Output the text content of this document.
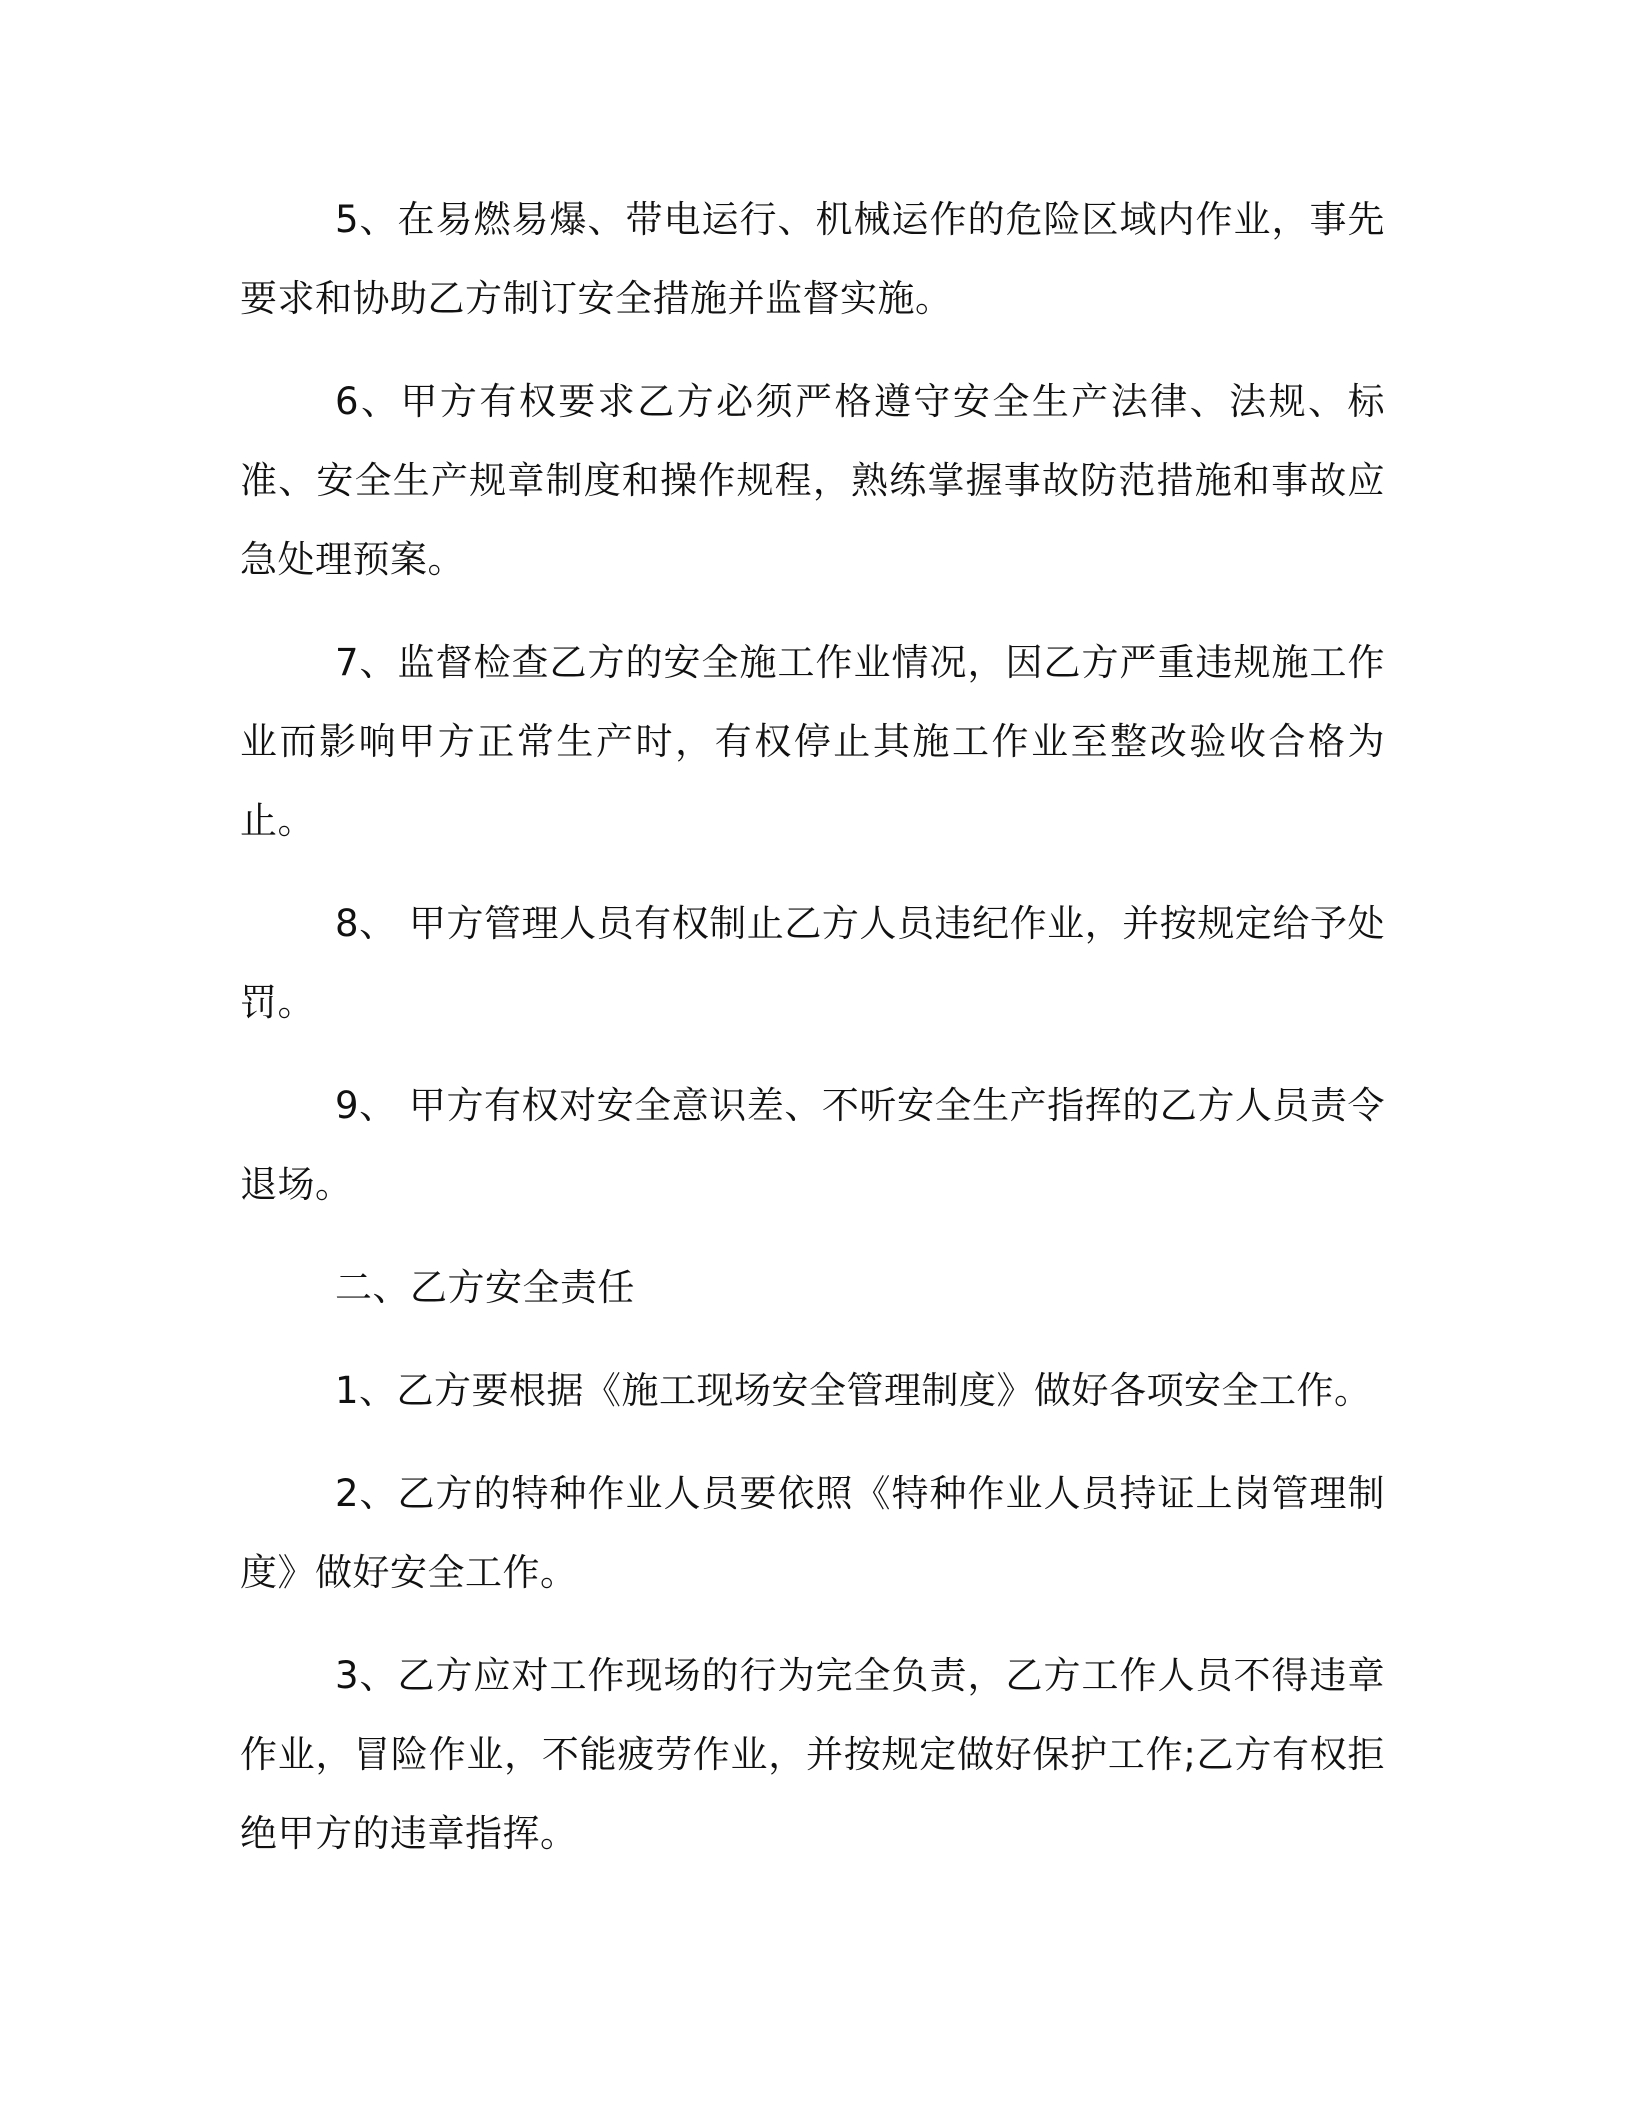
5、在易燃易爆、带电运行、机械运作的危险区域内作业，事先要求和协助乙方制订安全措施并监督实施。

6、甲方有权要求乙方必须严格遵守安全生产法律、法规、标准、安全生产规章制度和操作规程，熟练掌握事故防范措施和事故应急处理预案。

7、监督检查乙方的安全施工作业情况，因乙方严重违规施工作业而影响甲方正常生产时，有权停止其施工作业至整改验收合格为止。

8、 甲方管理人员有权制止乙方人员违纪作业，并按规定给予处罚。

9、 甲方有权对安全意识差、不听安全生产指挥的乙方人员责令退场。

二、乙方安全责任

1、乙方要根据《施工现场安全管理制度》做好各项安全工作。

2、乙方的特种作业人员要依照《特种作业人员持证上岗管理制度》做好安全工作。

3、乙方应对工作现场的行为完全负责，乙方工作人员不得违章作业，冒险作业，不能疲劳作业，并按规定做好保护工作;乙方有权拒绝甲方的违章指挥。
